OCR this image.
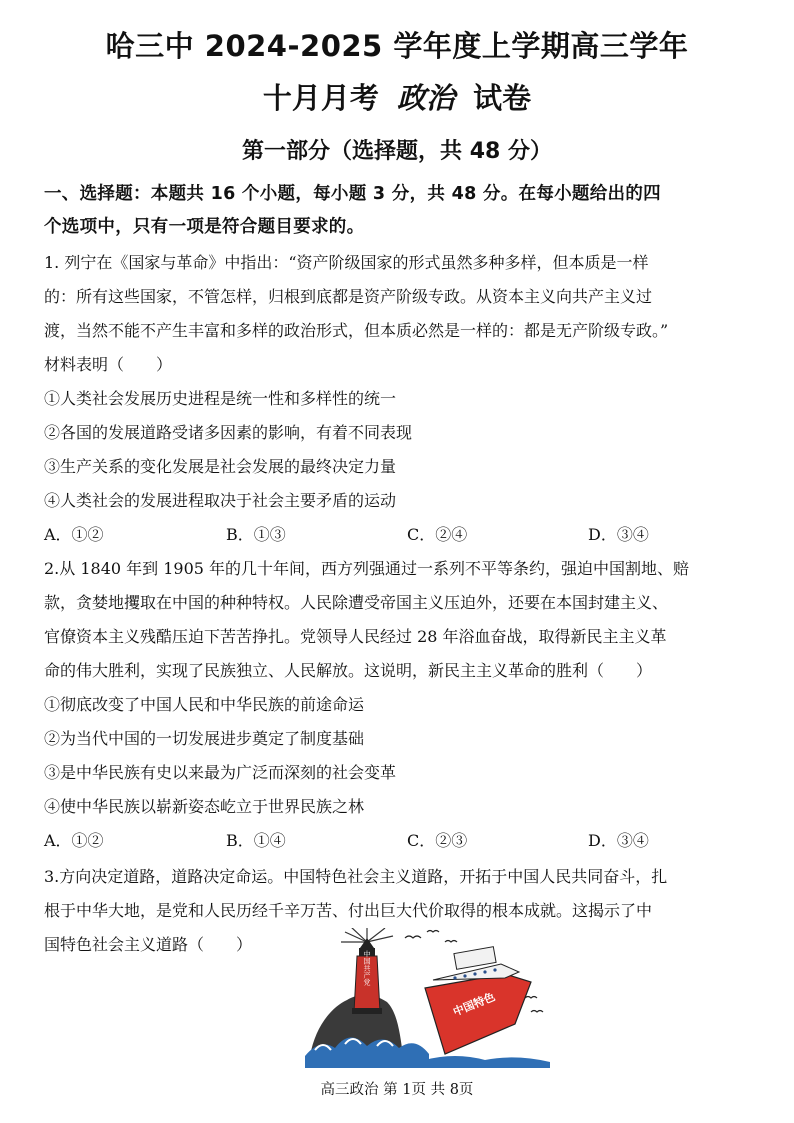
哈三中 2024-2025 学年度上学期高三学年
十月月考 政治 试卷
第一部分（选择题，共 48 分）
一、选择题：本题共 16 个小题，每小题 3 分，共 48 分。在每小题给出的四
个选项中，只有一项是符合题目要求的。
1. 列宁在《国家与革命》中指出：“资产阶级国家的形式虽然多种多样，但本质是一样
的：所有这些国家，不管怎样，归根到底都是资产阶级专政。从资本主义向共产主义过
渡，当然不能不产生丰富和多样的政治形式，但本质必然是一样的：都是无产阶级专政。”
材料表明（　　）
①人类社会发展历史进程是统一性和多样性的统一
②各国的发展道路受诸多因素的影响，有着不同表现
③生产关系的变化发展是社会发展的最终决定力量
④人类社会的发展进程取决于社会主要矛盾的运动
A．①②	B．①③	C．②④	D．③④
2.从 1840 年到 1905 年的几十年间，西方列强通过一系列不平等条约，强迫中国割地、赔
款，贪婪地攫取在中国的种种特权。人民除遭受帝国主义压迫外，还要在本国封建主义、
官僚资本主义残酷压迫下苦苦挣扎。党领导人民经过 28 年浴血奋战，取得新民主主义革
命的伟大胜利，实现了民族独立、人民解放。这说明，新民主主义革命的胜利（　　）
①彻底改变了中国人民和中华民族的前途命运
②为当代中国的一切发展进步奠定了制度基础
③是中华民族有史以来最为广泛而深刻的社会变革
④使中华民族以崭新姿态屹立于世界民族之林
A．①②	B．①④	C．②③	D．③④
3.方向决定道路，道路决定命运。中国特色社会主义道路，开拓于中国人民共同奋斗，扎
根于中华大地，是党和人民历经千辛万苦、付出巨大代价取得的根本成就。这揭示了中
国特色社会主义道路（　　）
中国共产党
中国特色
高三政治 第 1页 共 8页
